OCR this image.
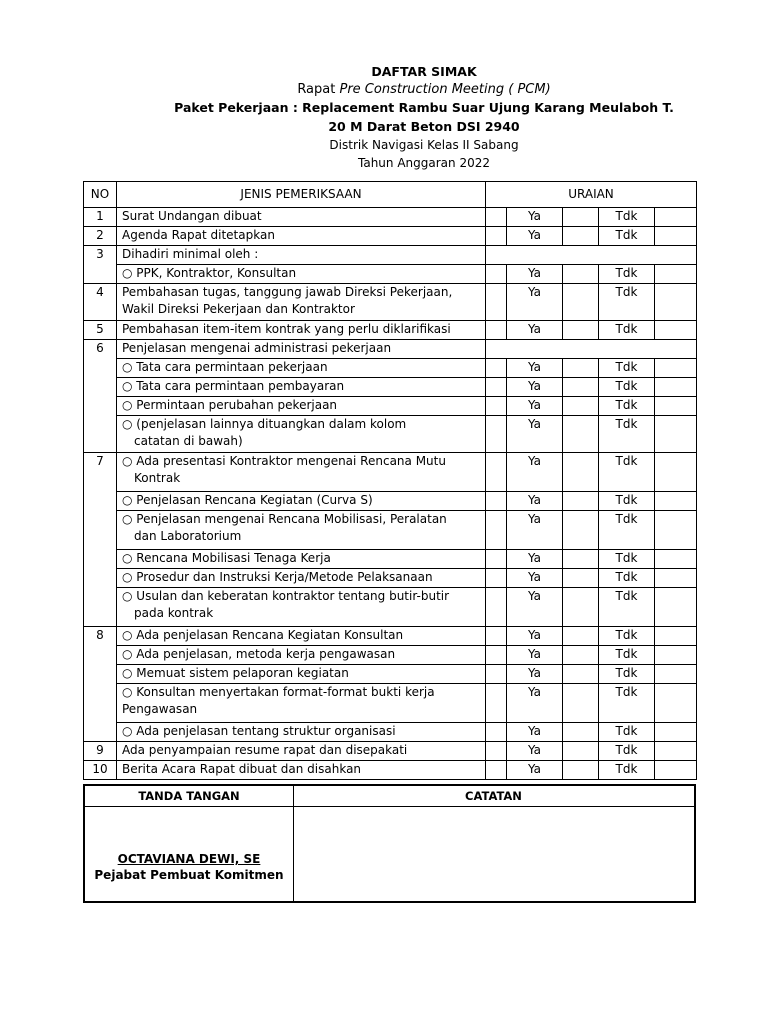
DAFTAR SIMAK
Rapat Pre Construction Meeting ( PCM)
Paket Pekerjaan : Replacement Rambu Suar Ujung Karang Meulaboh T.
20 M Darat Beton DSI 2940
Distrik Navigasi Kelas II Sabang
Tahun Anggaran 2022
NO	JENIS PEMERIKSAAN	URAIAN				
1	Surat Undangan dibuat		Ya		Tdk	
2	Agenda Rapat ditetapkan		Ya		Tdk	
3	Dihadiri minimal oleh :					
	○ PPK, Kontraktor, Konsultan		Ya		Tdk	
4	Pembahasan tugas, tanggung jawab Direksi Pekerjaan, Wakil Direksi Pekerjaan dan Kontraktor		Ya		Tdk	
5	Pembahasan item-item kontrak yang perlu diklarifikasi		Ya		Tdk	
6	Penjelasan mengenai administrasi pekerjaan					
	○ Tata cara permintaan pekerjaan		Ya		Tdk	
	○ Tata cara permintaan pembayaran		Ya		Tdk	
	○ Permintaan perubahan pekerjaan		Ya		Tdk	

	○ (penjelasan lainnya dituangkan dalam kolom
catatan di bawah)		Ya		Tdk	
7	○ Ada presentasi Kontraktor mengenai Rencana Mutu
Kontrak		Ya		Tdk	
	○ Penjelasan Rencana Kegiatan (Curva S)		Ya		Tdk	

	○ Penjelasan mengenai Rencana Mobilisasi, Peralatan
dan Laboratorium		Ya		Tdk	
	○ Rencana Mobilisasi Tenaga Kerja		Ya		Tdk	
	○ Prosedur dan Instruksi Kerja/Metode Pelaksanaan		Ya		Tdk	

	○ Usulan dan keberatan kontraktor tentang butir-butir
pada kontrak		Ya		Tdk	
8	○ Ada penjelasan Rencana Kegiatan Konsultan		Ya		Tdk	
	○ Ada penjelasan, metoda kerja pengawasan		Ya		Tdk	
	○ Memuat sistem pelaporan kegiatan		Ya		Tdk	

	○ Konsultan menyertakan format-format bukti kerja
Pengawasan		Ya		Tdk	
	○ Ada penjelasan tentang struktur organisasi		Ya		Tdk	
9	Ada penyampaian resume rapat dan disepakati		Ya		Tdk	
10	Berita Acara Rapat dibuat dan disahkan		Ya		Tdk	
TANDA TANGAN	CATATAN
OCTAVIANA DEWI, SE
Pejabat Pembuat Komitmen
